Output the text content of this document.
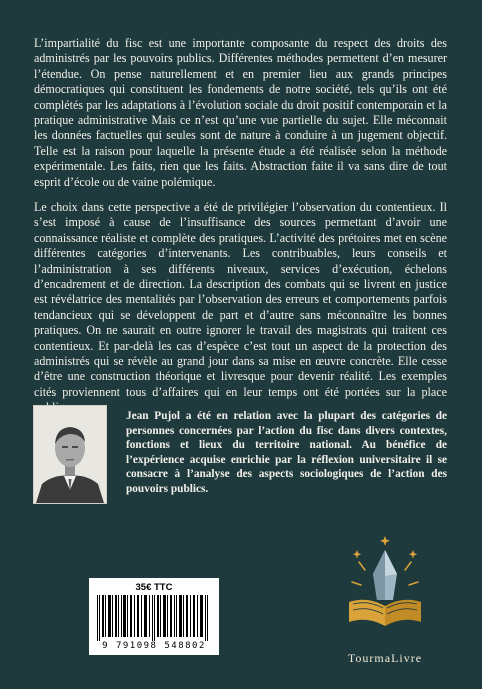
L’impartialité du fisc est une importante composante du respect des droits des administrés par les pouvoirs publics. Différentes méthodes permettent d’en mesurer l’étendue. On pense naturellement et en premier lieu aux grands principes démocratiques qui constituent les fondements de notre société, tels qu’ils ont été complétés par les adaptations à l’évolution sociale du droit positif contemporain et la pratique administrative Mais ce n’est qu’une vue partielle du sujet. Elle méconnait les données factuelles qui seules sont de nature à conduire à un jugement objectif. Telle est la raison pour laquelle la présente étude a été réalisée selon la méthode expérimentale. Les faits, rien que les faits. Abstraction faite il va sans dire de tout esprit d’école ou de vaine polémique.

Le choix dans cette perspective a été de privilégier l’observation du contentieux. Il s’est imposé à cause de l’insuffisance des sources permettant d’avoir une connaissance réaliste et complète des pratiques. L’activité des prétoires met en scène différentes catégories d’intervenants. Les contribuables, leurs conseils et l’administration à ses différents niveaux, services d’exécution, échelons d’encadrement et de direction. La description des combats qui se livrent en justice est révélatrice des mentalités par l’observation des erreurs et comportements parfois tendancieux qui se développent de part et d’autre sans méconnaître les bonnes pratiques. On ne saurait en outre ignorer le travail des magistrats qui traitent ces contentieux. Et par-delà les cas d’espèce c’est tout un aspect de la protection des administrés qui se révèle au grand jour dans sa mise en œuvre concrète. Elle cesse d’être une construction théorique et livresque pour devenir réalité. Les exemples cités proviennent tous d’affaires qui en leur temps ont été portées sur la place

Jean Pujol a été en relation avec la plupart des catégories de personnes concernées par l’action du fisc dans divers contextes, fonctions et lieux du territoire national. Au bénéfice de l’expérience acquise enrichie par la réflexion universitaire il se consacre à l’analyse des aspects sociologiques de l’action des pouvoirs publics.

35€ TTC
9 791098 548802
TourmaLivre
